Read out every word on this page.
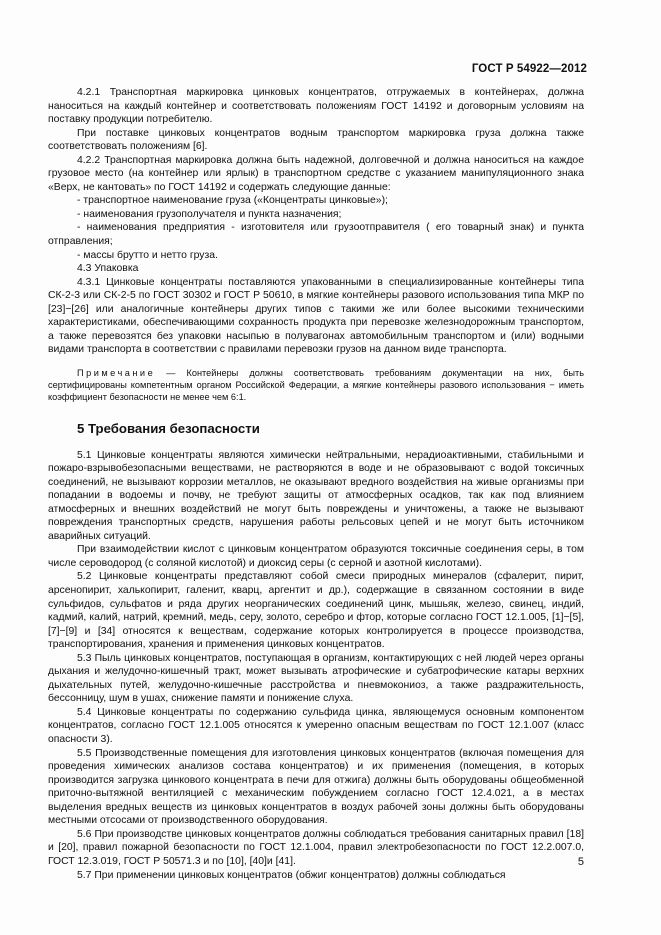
ГОСТ Р 54922—2012

4.2.1 Транспортная маркировка цинковых концентратов, отгружаемых в контейнерах, должна наноситься на каждый контейнер и соответствовать положениям ГОСТ 14192 и договорным условиям на поставку продукции потребителю.

При поставке цинковых концентратов водным транспортом маркировка груза должна также соответствовать положениям [6].

4.2.2 Транспортная маркировка должна быть надежной, долговечной и должна наноситься на каждое грузовое место (на контейнер или ярлык) в транспортном средстве с указанием манипуляционного знака «Верх, не кантовать» по ГОСТ 14192 и содержать следующие данные:

- транспортное наименование груза («Концентраты цинковые»);

- наименования грузополучателя и пункта назначения;

- наименования предприятия - изготовителя или грузоотправителя ( его товарный знак) и пункта отправления;

- массы брутто и нетто груза.

4.3 Упаковка

4.3.1 Цинковые концентраты поставляются упакованными в специализированные контейнеры типа СК-2-3 или СК-2-5 по ГОСТ 30302 и ГОСТ Р 50610, в мягкие контейнеры разового использования типа МКР по [23]−[26] или аналогичные контейнеры других типов с такими же или более высокими техническими характеристиками, обеспечивающими сохранность продукта при перевозке железнодорожным транспортом, а также перевозятся без упаковки насыпью в полувагонах автомобильным транспортом и (или) водными видами транспорта в соответствии с правилами перевозки грузов на данном виде транспорта.

Примечание — Контейнеры должны соответствовать требованиям документации на них, быть сертифицированы компетентным органом Российской Федерации, а мягкие контейнеры разового использования − иметь коэффициент безопасности не менее чем 6:1.

5 Требования безопасности

5.1 Цинковые концентраты являются химически нейтральными, нерадиоактивными, стабильными и пожаро-взрывобезопасными веществами, не растворяются в воде и не образовывают с водой токсичных соединений, не вызывают коррозии металлов, не оказывают вредного воздействия на живые организмы при попадании в водоемы и почву, не требуют защиты от атмосферных осадков, так как под влиянием атмосферных и внешних воздействий не могут быть повреждены и уничтожены, а также не вызывают повреждения транспортных средств, нарушения работы рельсовых цепей и не могут быть источником аварийных ситуаций.

При взаимодействии кислот с цинковым концентратом образуются токсичные соединения серы, в том числе сероводород (с соляной кислотой) и диоксид серы (с серной и азотной кислотами).

5.2 Цинковые концентраты представляют собой смеси природных минералов (сфалерит, пирит, арсенопирит, халькопирит, галенит, кварц, аргентит и др.), содержащие в связанном состоянии в виде сульфидов, сульфатов и ряда других неорганических соединений цинк, мышьяк, железо, свинец, индий, кадмий, калий, натрий, кремний, медь, серу, золото, серебро и фтор, которые согласно ГОСТ 12.1.005, [1]−[5], [7]−[9] и [34] относятся к веществам, содержание которых контролируется в процессе производства, транспортирования, хранения и применения цинковых концентратов.

5.3 Пыль цинковых концентратов, поступающая в организм, контактирующих с ней людей через органы дыхания и желудочно-кишечный тракт, может вызывать атрофические и субатрофические катары верхних дыхательных путей, желудочно-кишечные расстройства и пневмокониоз, а также раздражительность, бессонницу, шум в ушах, снижение памяти и понижение слуха.

5.4 Цинковые концентраты по содержанию сульфида цинка, являющемуся основным компонентом концентратов, согласно ГОСТ 12.1.005 относятся к умеренно опасным веществам по ГОСТ 12.1.007 (класс опасности 3).

5.5 Производственные помещения для изготовления цинковых концентратов (включая помещения для проведения химических анализов состава концентратов) и их применения (помещения, в которых производится загрузка цинкового концентрата в печи для отжига) должны быть оборудованы общеобменной приточно-вытяжной вентиляцией с механическим побуждением согласно ГОСТ 12.4.021, а в местах выделения вредных веществ из цинковых концентратов в воздух рабочей зоны должны быть оборудованы местными отсосами от производственного оборудования.

5.6 При производстве цинковых концентратов должны соблюдаться требования санитарных правил [18] и [20], правил пожарной безопасности по ГОСТ 12.1.004, правил электробезопасности по ГОСТ 12.2.007.0, ГОСТ 12.3.019, ГОСТ Р 50571.3 и по [10], [40]и [41].

5.7 При применении цинковых концентратов (обжиг концентратов) должны соблюдаться

5
